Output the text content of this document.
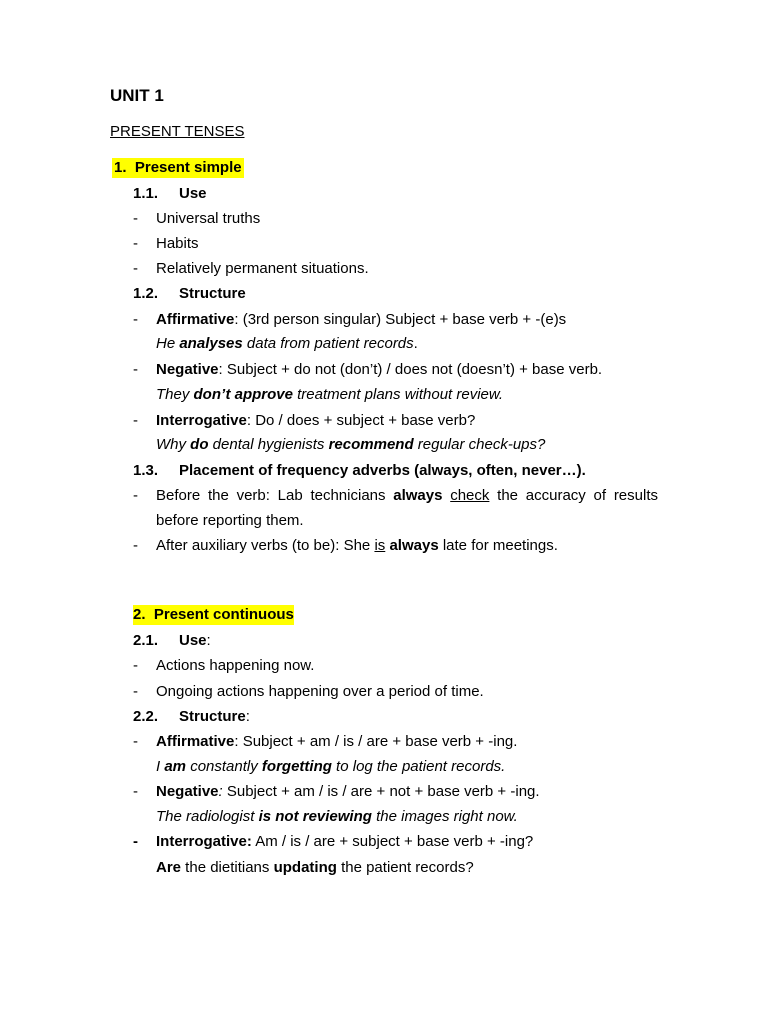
UNIT 1
PRESENT TENSES
1. Present simple
1.1. Use
- Universal truths
- Habits
- Relatively permanent situations.
1.2. Structure
- Affirmative: (3rd person singular) Subject + base verb + -(e)s
He analyses data from patient records.
- Negative: Subject + do not (don’t) / does not (doesn’t) + base verb.
They don’t approve treatment plans without review.
- Interrogative: Do / does + subject + base verb?
Why do dental hygienists recommend regular check-ups?
1.3. Placement of frequency adverbs (always, often, never…).
- Before the verb: Lab technicians always check the accuracy of results
before reporting them.
- After auxiliary verbs (to be): She is always late for meetings.
2. Present continuous
2.1. Use:
- Actions happening now.
- Ongoing actions happening over a period of time.
2.2. Structure:
- Affirmative: Subject + am / is / are + base verb + -ing.
I am constantly forgetting to log the patient records.
- Negative: Subject + am / is / are + not + base verb + -ing.
The radiologist is not reviewing the images right now.
- Interrogative: Am / is / are + subject + base verb + -ing?
Are the dietitians updating the patient records?
